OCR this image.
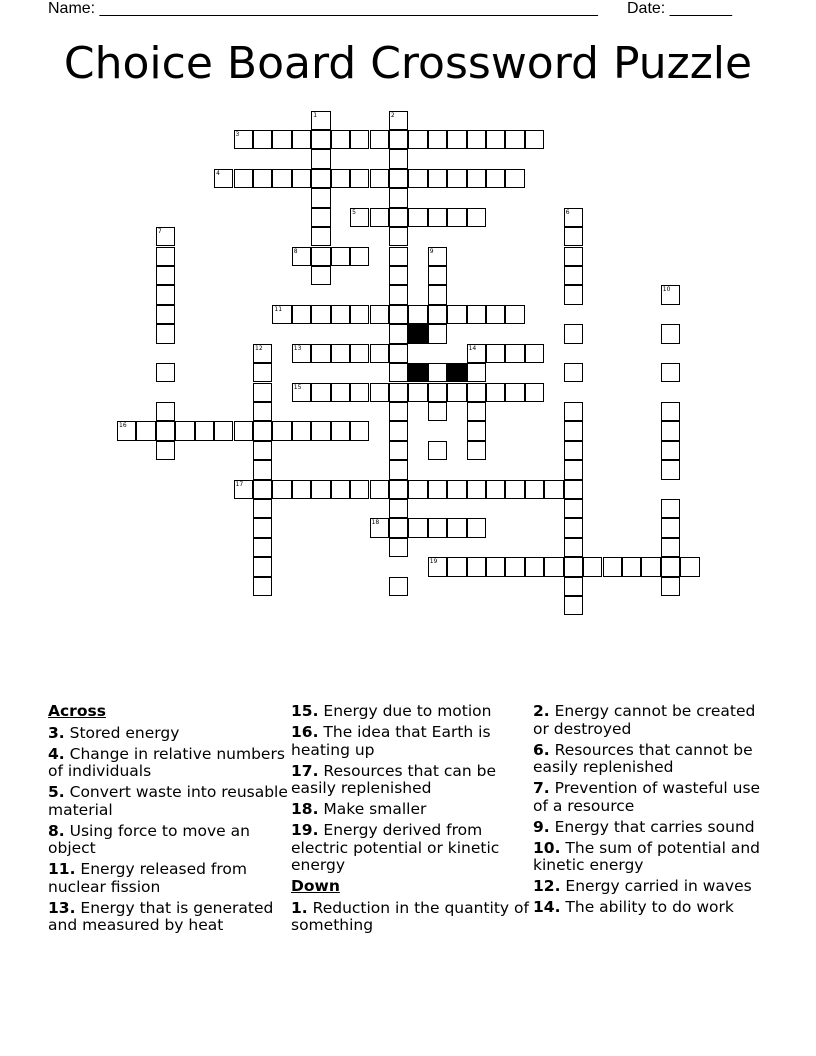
Name: ________________________________________________________ Date: _______
Choice Board Crossword Puzzle
3
4
5
8
11
13	14
15
16
17
18
19
1	2
6
7
9
10
12
Across
3. Stored energy
4. Change in relative numbers of individuals
5. Convert waste into reusable material
8. Using force to move an object
11. Energy released from nuclear fission
13. Energy that is generated and measured by heat
15. Energy due to motion
16. The idea that Earth is heating up
17. Resources that can be easily replenished
18. Make smaller
19. Energy derived from electric potential or kinetic energy
Down
1. Reduction in the quantity of something
2. Energy cannot be created or destroyed
6. Resources that cannot be easily replenished
7. Prevention of wasteful use of a resource
9. Energy that carries sound
10. The sum of potential and kinetic energy
12. Energy carried in waves
14. The ability to do work
